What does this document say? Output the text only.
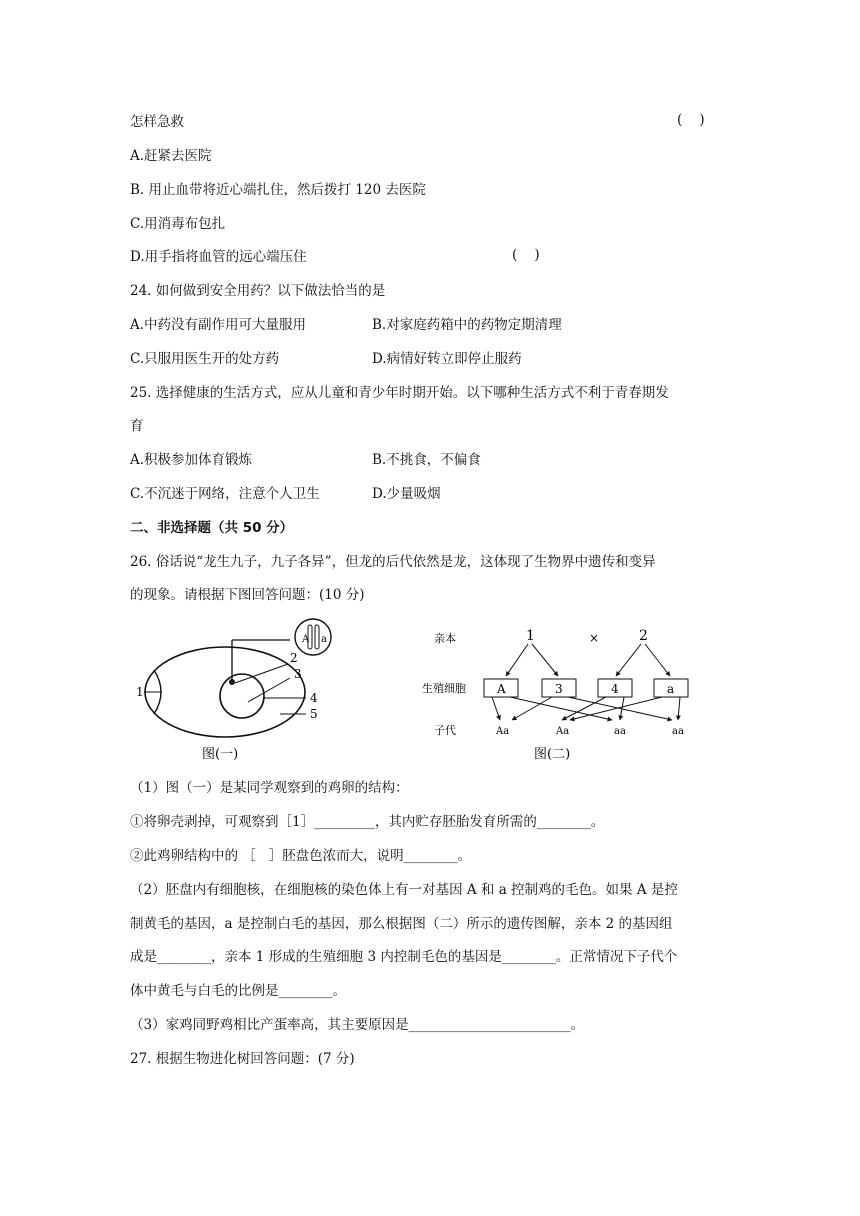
怎样急救	(    )
A.赶紧去医院
B. 用止血带将近心端扎住，然后拨打 120 去医院
C.用消毒布包扎
D.用手指将血管的远心端压住	(    )
24. 如何做到安全用药？以下做法恰当的是
A.中药没有副作用可大量服用	B.对家庭药箱中的药物定期清理
C.只服用医生开的处方药	D.病情好转立即停止服药
25. 选择健康的生活方式，应从儿童和青少年时期开始。以下哪种生活方式不利于青春期发
育
A.积极参加体育锻炼	B.不挑食，不偏食
C.不沉迷于网络，注意个人卫生	D.少量吸烟
二、非选择题（共 50 分）
26. 俗话说“龙生九子，九子各异”，但龙的后代依然是龙，这体现了生物界中遗传和变异
的现象。请根据下图回答问题：(10 分)
A a
1
2
3
4
5
图(一)
亲本
生殖细胞
子代
1	×	2
A	3	4	a
Aa	Aa	aa	aa
图(二)
（1）图（一）是某同学观察到的鸡卵的结构：
①将卵壳剥掉，可观察到［1］_________，其内贮存胚胎发育所需的________。
②此鸡卵结构中的 ［   ］胚盘色浓而大，说明________。
（2）胚盘内有细胞核，在细胞核的染色体上有一对基因 A 和 a 控制鸡的毛色。如果 A 是控
制黄毛的基因，a 是控制白毛的基因，那么根据图（二）所示的遗传图解，亲本 2 的基因组
成是________，亲本 1 形成的生殖细胞 3 内控制毛色的基因是________。正常情况下子代个
体中黄毛与白毛的比例是________。
（3）家鸡同野鸡相比产蛋率高，其主要原因是________________________。
27. 根据生物进化树回答问题：(7 分)
